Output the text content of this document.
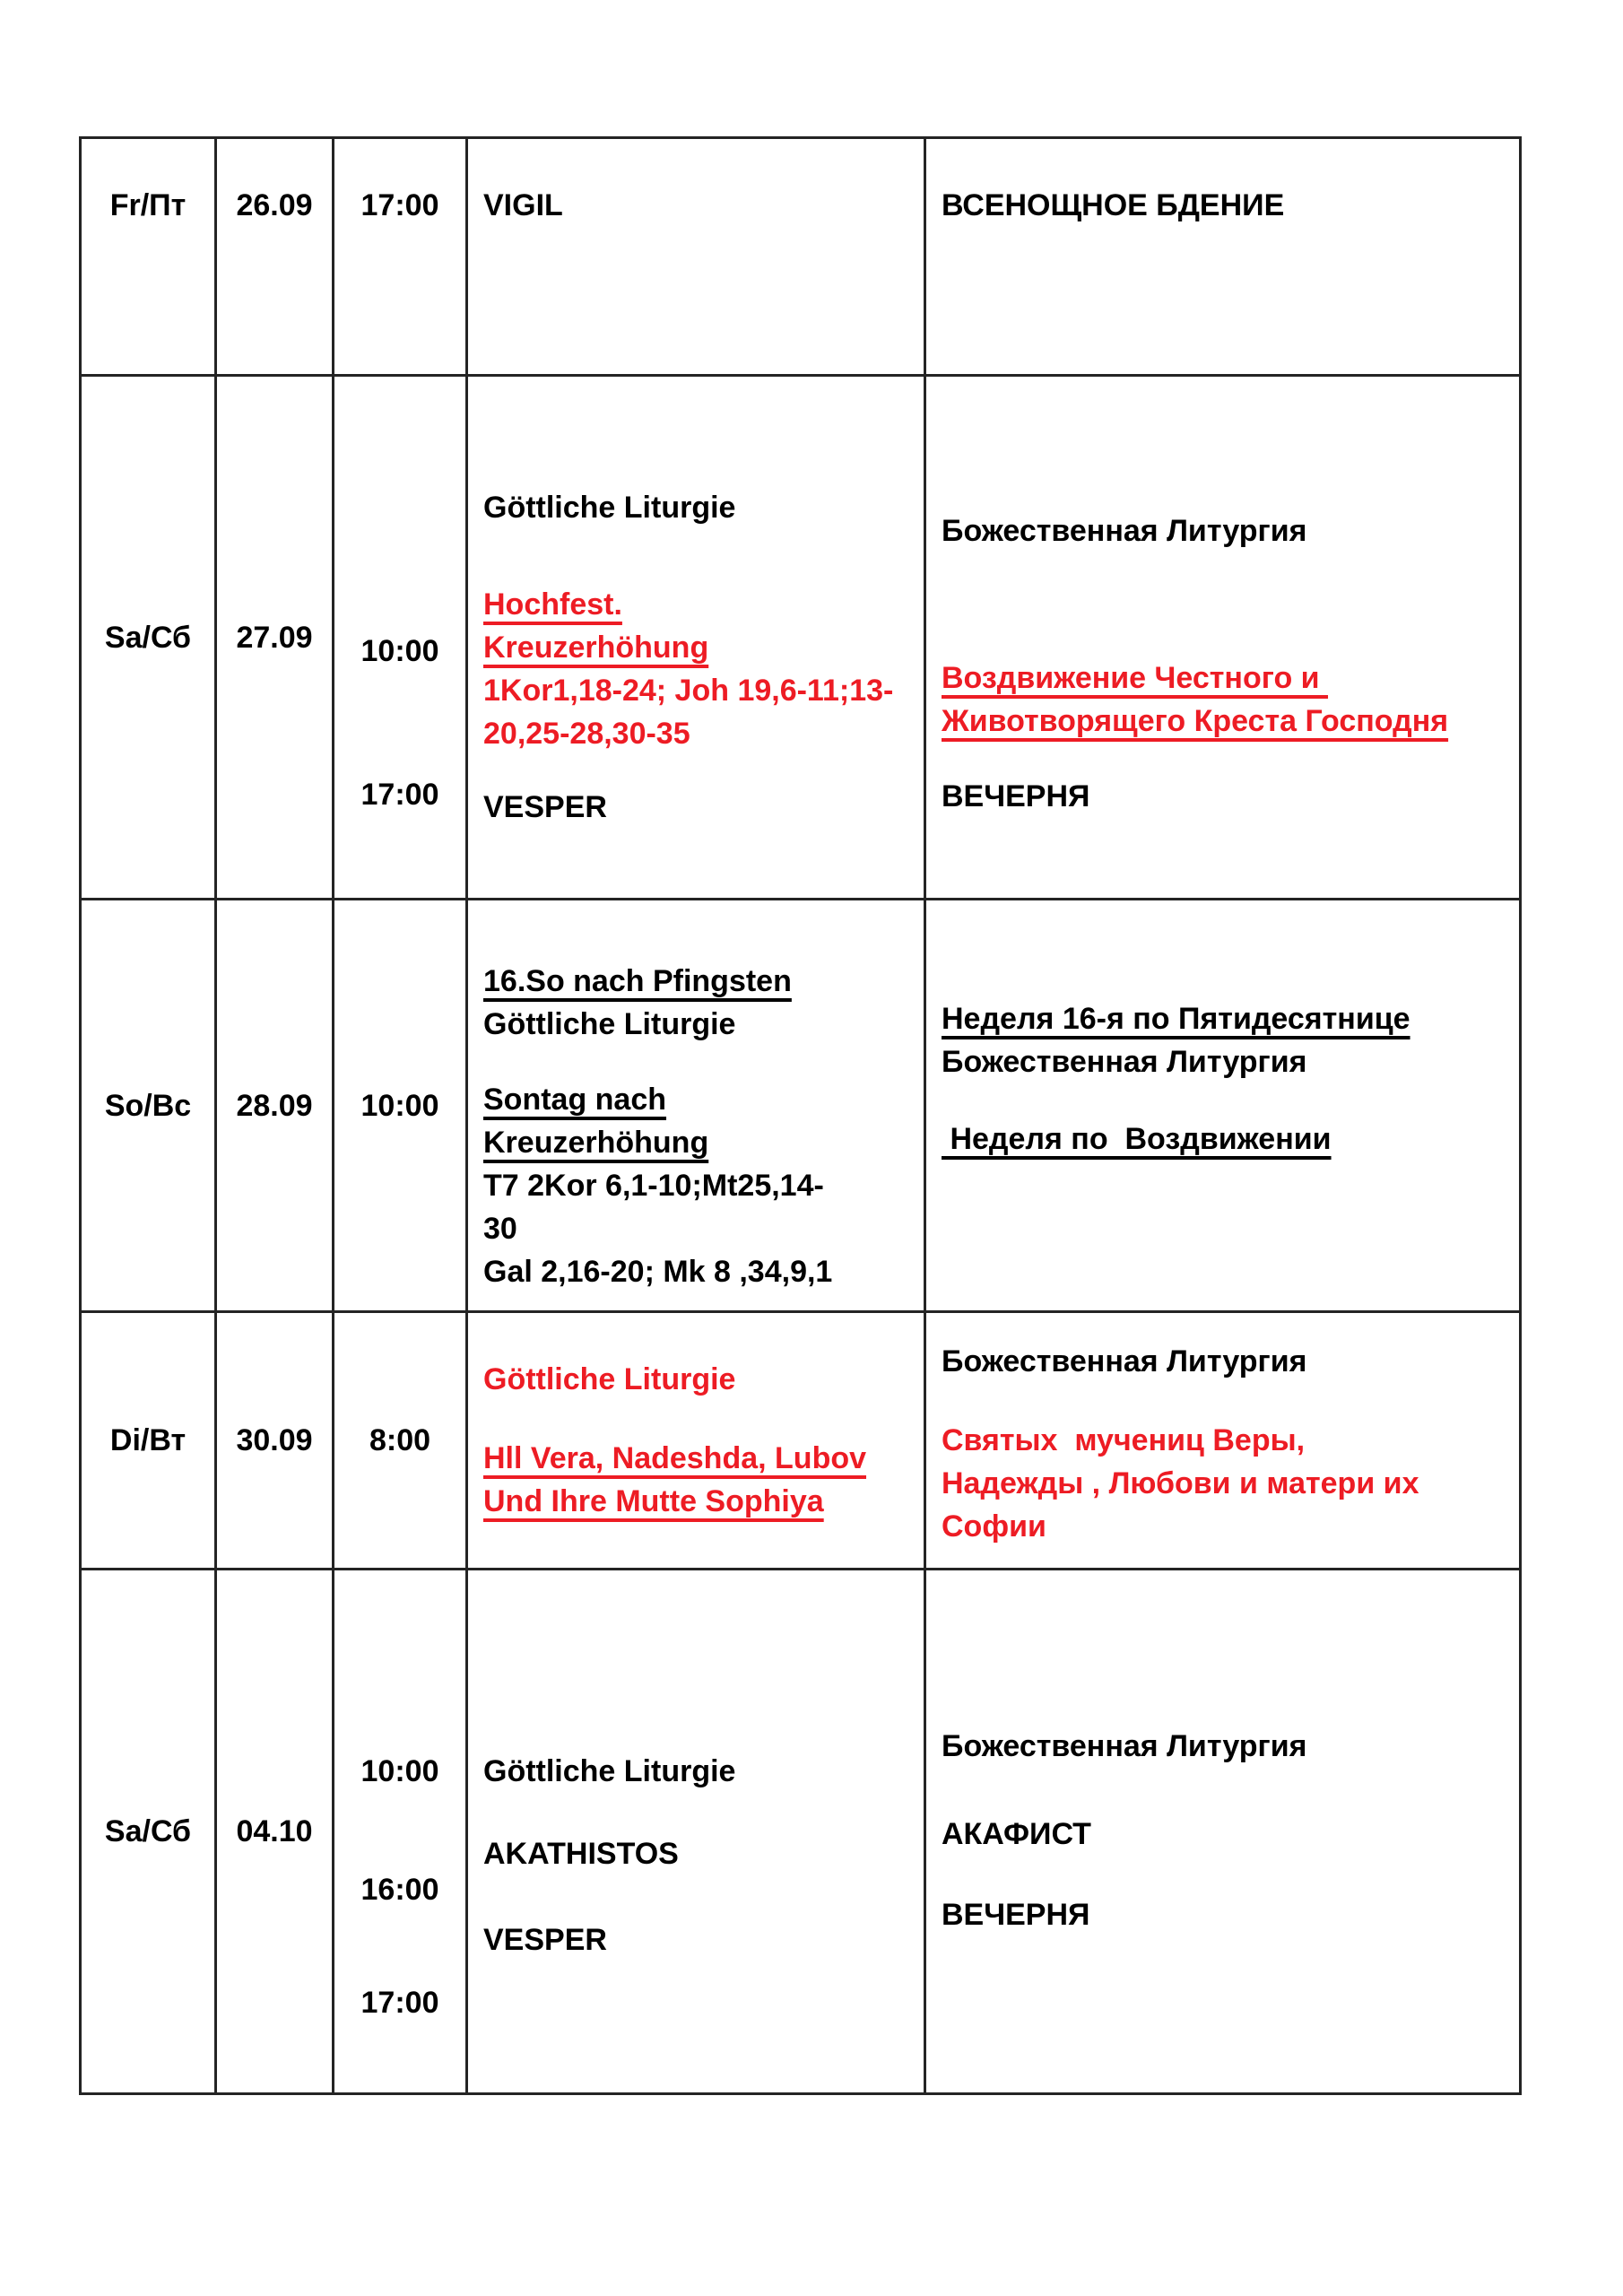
Fr/Пт 26.09 17:00 VIGIL	ВСЕНОЩНОЕ БДЕНИЕ
Sa/Сб 27.09 10:00
17:00
Göttliche Liturgie
Hochfest.
Kreuzerhöhung
1Kor1,18-24; Joh 19,6-11;13-
20,25-28,30-35
VESPER
Божественная Литургия
Воздвижение Честного и
Животворящего Креста Господня
ВЕЧЕРНЯ
So/Вс 28.09 10:00
16.So nach Pfingsten
Göttliche Liturgie
Sontag nach
Kreuzerhöhung
T7 2Kor 6,1-10;Mt25,14-
30
Gal 2,16-20; Mk 8 ,34,9,1
Неделя 16-я по Пятидесятнице
Божественная Литургия
Неделя по  Воздвижении
Di/Вт 30.09 8:00
Göttliche Liturgie
Hll Vera, Nadeshda, Lubov
Und Ihre Mutte Sophiya
Божественная Литургия
Святых  мучениц Веры,
Надежды , Любови и матери их
Софии
Sa/Сб 04.10
10:00
16:00
17:00
Göttliche Liturgie
AKATHISTOS
VESPER
Божественная Литургия
АКАФИСТ
ВЕЧЕРНЯ
